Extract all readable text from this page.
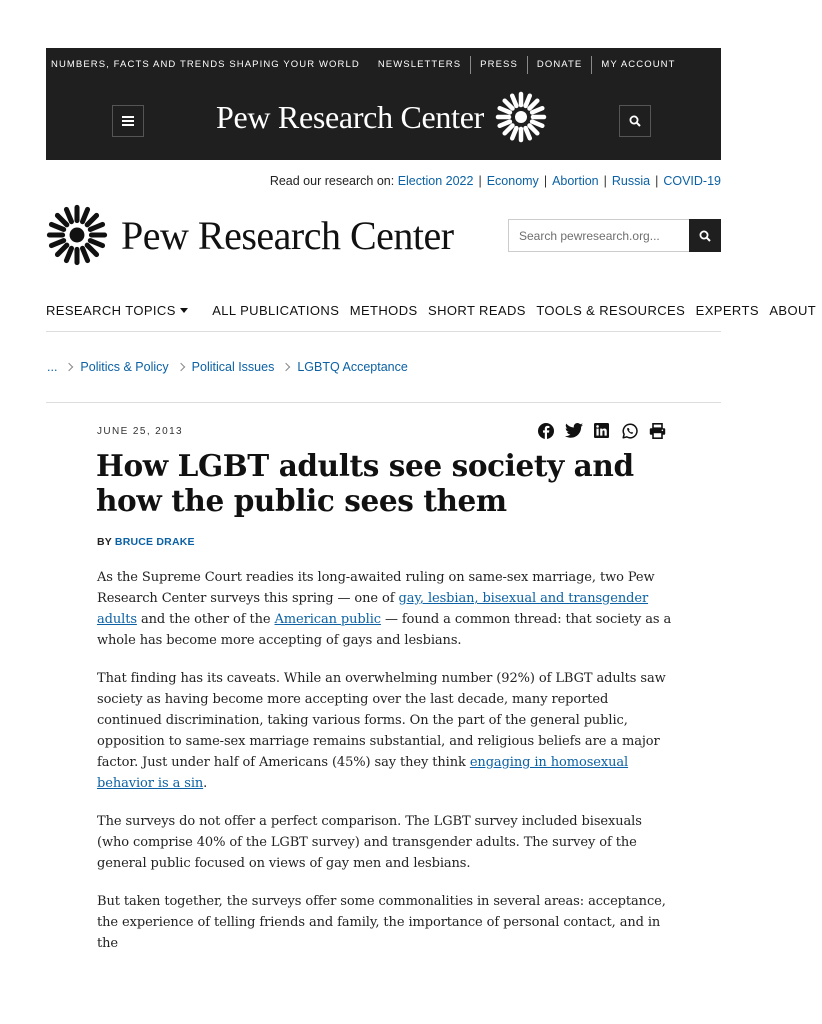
NUMBERS, FACTS AND TRENDS SHAPING YOUR WORLD	NEWSLETTERS	PRESS	DONATE	MY ACCOUNT
Pew Research Center
Read our research on: Election 2022 | Economy | Abortion | Russia | COVID-19
Pew Research Center
Search pewresearch.org...
RESEARCH TOPICS	ALL PUBLICATIONS METHODS SHORT READS TOOLS & RESOURCES EXPERTS ABOUT
... Politics & Policy Political Issues LGBTQ Acceptance
JUNE 25, 2013
How LGBT adults see society and how the public sees them
BY BRUCE DRAKE

As the Supreme Court readies its long-awaited ruling on same-sex marriage, two Pew Research Center surveys this spring — one of gay, lesbian, bisexual and transgender adults and the other of the American public — found a common thread: that society as a whole has become more accepting of gays and lesbians.

That finding has its caveats. While an overwhelming number (92%) of LBGT adults saw society as having become more accepting over the last decade, many reported continued discrimination, taking various forms. On the part of the general public, opposition to same-sex marriage remains substantial, and religious beliefs are a major factor. Just under half of Americans (45%) say they think engaging in homosexual behavior is a sin.

The surveys do not offer a perfect comparison. The LGBT survey included bisexuals (who comprise 40% of the LGBT survey) and transgender adults. The survey of the general public focused on views of gay men and lesbians.

But taken together, the surveys offer some commonalities in several areas: acceptance, the experience of telling friends and family, the importance of personal contact, and in the
